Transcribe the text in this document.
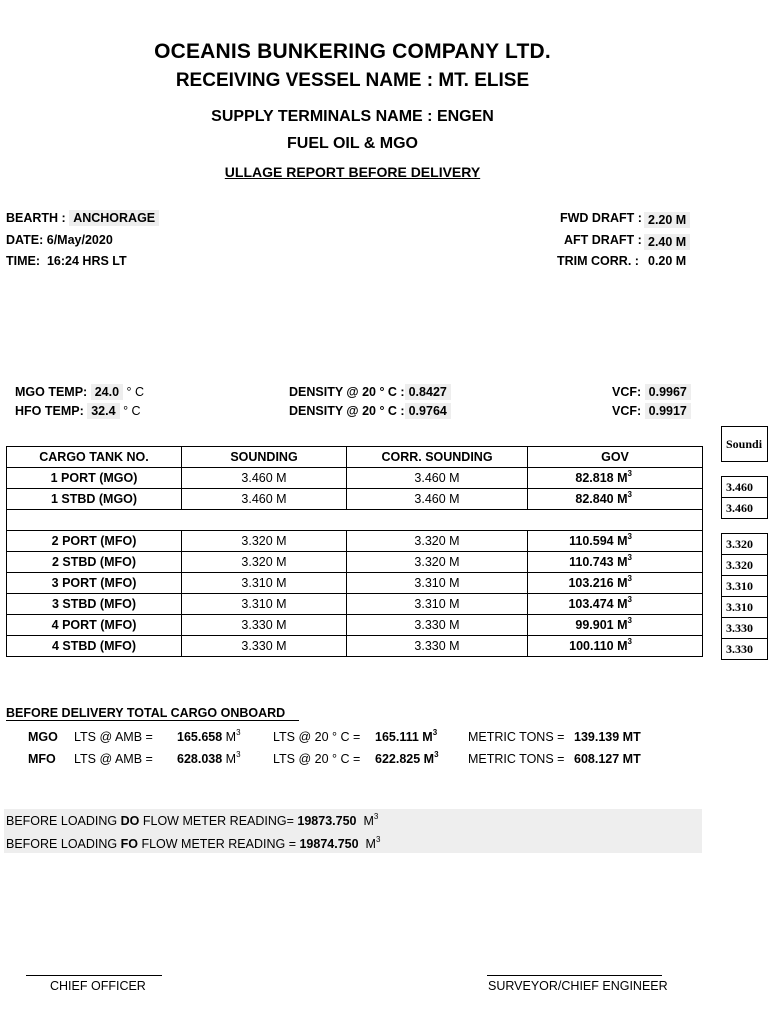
OCEANIS BUNKERING COMPANY LTD.
RECEIVING VESSEL NAME : MT. ELISE
SUPPLY TERMINALS NAME : ENGEN
FUEL OIL & MGO
ULLAGE REPORT BEFORE DELIVERY
BEARTH : ANCHORAGE
DATE: 6/May/2020
TIME: 16:24 HRS LT
FWD DRAFT : 2.20 M
AFT DRAFT : 2.40 M
TRIM CORR. : 0.20 M
MGO TEMP: 24.0 ° C
HFO TEMP: 32.4 ° C
DENSITY @ 20 ° C : 0.8427
DENSITY @ 20 ° C : 0.9764
VCF: 0.9967
VCF: 0.9917
CARGO TANK NO.	SOUNDING	CORR. SOUNDING	GOV
1 PORT (MGO)	3.460 M	3.460 M	82.818 $M^3$
1 STBD (MGO)	3.460 M	3.460 M	82.840 $M^3$

2 PORT (MFO)	3.320 M	3.320 M	110.594 $M^3$
2 STBD (MFO)	3.320 M	3.320 M	110.743 $M^3$
3 PORT (MFO)	3.310 M	3.310 M	103.216 $M^3$
3 STBD (MFO)	3.310 M	3.310 M	103.474 $M^3$
4 PORT (MFO)	3.330 M	3.330 M	99.901 $M^3$
4 STBD (MFO)	3.330 M	3.330 M	100.110 $M^3$
Soundi

3.460
3.460

3.320
3.320
3.310
3.310
3.330
3.330
BEFORE DELIVERY TOTAL CARGO ONBOARD
MGO LTS @ AMB = 165.658 $M^3$	LTS @ 20 ° C = 165.111 $M^3$ METRIC TONS = 139.139 MT
MFO LTS @ AMB = 628.038 $M^3$	LTS @ 20 ° C = 622.825 $M^3$ METRIC TONS = 608.127 MT
BEFORE LOADING DO FLOW METER READING= 19873.750 $M^3$
BEFORE LOADING FO FLOW METER READING = 19874.750 $M^3$
CHIEF OFFICER	SURVEYOR/CHIEF ENGINEER
